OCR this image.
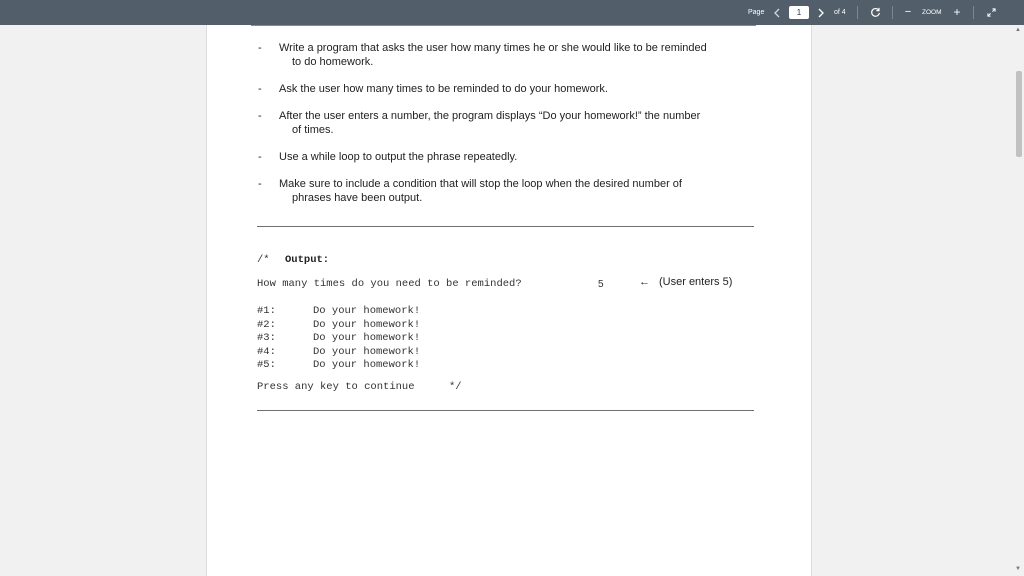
Page	1	of 4	−	ZOOM +
- Write a program that asks the user how many times he or she would like to be reminded
to do homework.
- Ask the user how many times to be reminded to do your homework.
- After the user enters a number, the program displays “Do your homework!” the number
of times.
- Use a while loop to output the phrase repeatedly.
- Make sure to include a condition that will stop the loop when the desired number of
phrases have been output.
/* Output:
How many times do you need to be reminded?	5	← (User enters 5)
#1:	Do your homework!
#2:	Do your homework!
#3:	Do your homework!
#4:	Do your homework!
#5:	Do your homework!
Press any key to continue	*/
▲
▼
